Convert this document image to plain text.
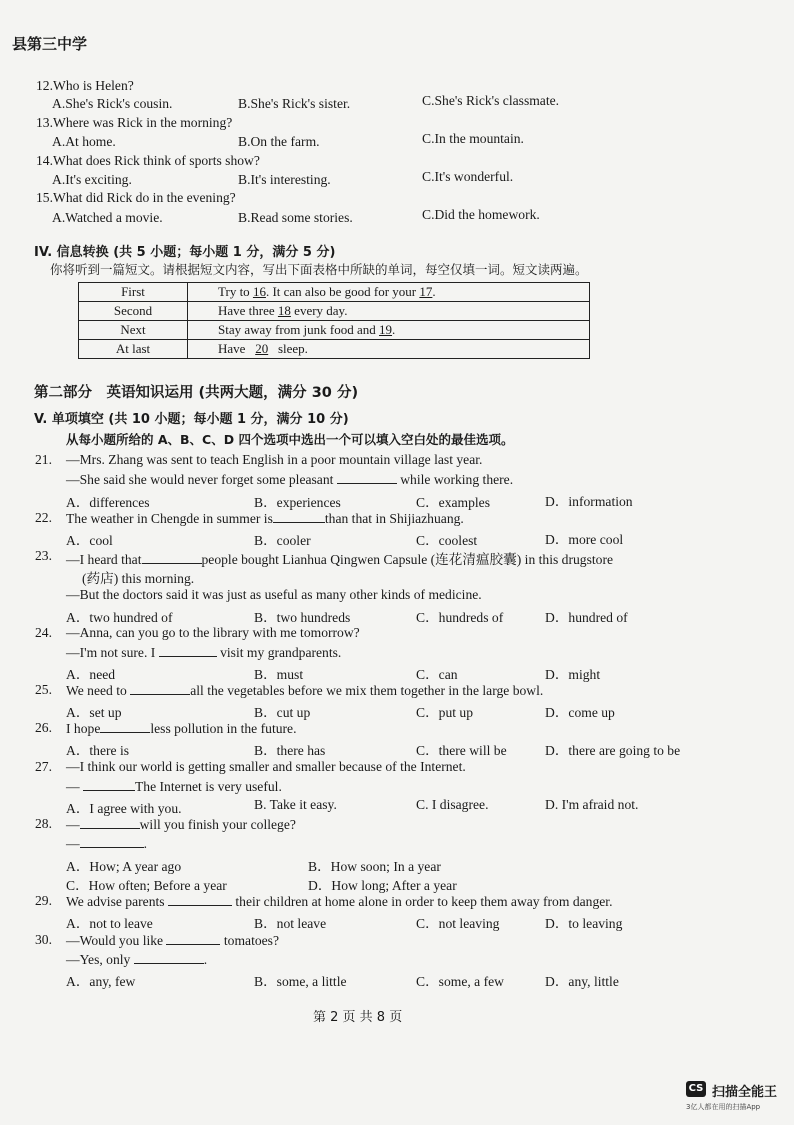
县第三中学
12.Who is Helen?
A.She's Rick's cousin.	B.She's Rick's sister.	C.She's Rick's classmate.
13.Where was Rick in the morning?
A.At home.	B.On the farm.	C.In the mountain.
14.What does Rick think of sports show?
A.It's exciting.	B.It's interesting.	C.It's wonderful.
15.What did Rick do in the evening?
A.Watched a movie.	B.Read some stories.	C.Did the homework.
IV. 信息转换 (共 5 小题；每小题 1 分，满分 5 分)
你将听到一篇短文。请根据短文内容，写出下面表格中所缺的单词，每空仅填一词。短文读两遍。
First	Try to 16. It can also be good for your 17.
Second	Have three 18 every day.
Next	Stay away from junk food and 19.
At last	Have   20   sleep.
第二部分　英语知识运用 (共两大题，满分 30 分)
V. 单项填空 (共 10 小题；每小题 1 分，满分 10 分)
从每小题所给的 A、B、C、D 四个选项中选出一个可以填入空白处的最佳选项。
21. —Mrs. Zhang was sent to teach English in a poor mountain village last year.
—She said she would never forget some pleasant	while working there.
A．differences	B．experiences	C．examples	D．information
22. The weather in Chengde in summer is	than that in Shijiazhuang.
A．cool	B．cooler	C．coolest	D．more cool
23. —I heard that	people bought Lianhua Qingwen Capsule (连花清瘟胶囊) in this drugstore
(药店) this morning.
—But the doctors said it was just as useful as many other kinds of medicine.
A．two hundred of	B．two hundreds	C．hundreds of	D．hundred of
24. —Anna, can you go to the library with me tomorrow?
—I'm not sure. I	visit my grandparents.
A．need	B．must	C．can	D．might
25. We need to	all the vegetables before we mix them together in the large bowl.
A．set up	B．cut up	C．put up	D．come up
26. I hope	less pollution in the future.
A．there is	B．there has	C．there will be	D．there are going to be
27. —I think our world is getting smaller and smaller because of the Internet.
—	The Internet is very useful.
A．I agree with you.	B. Take it easy.	C. I disagree.	D. I'm afraid not.
28. —	will you finish your college?
—	.
A．How; A year ago	B．How soon; In a year
C．How often; Before a year	D．How long; After a year
29. We advise parents	their children at home alone in order to keep them away from danger.
A．not to leave	B．not leave	C．not leaving	D．to leaving
30. —Would you like	tomatoes?
—Yes, only	.
A．any, few	B．some, a little	C．some, a few	D．any, little
第 2 页 共 8 页
CS 扫描全能王
3亿人都在用的扫描App
